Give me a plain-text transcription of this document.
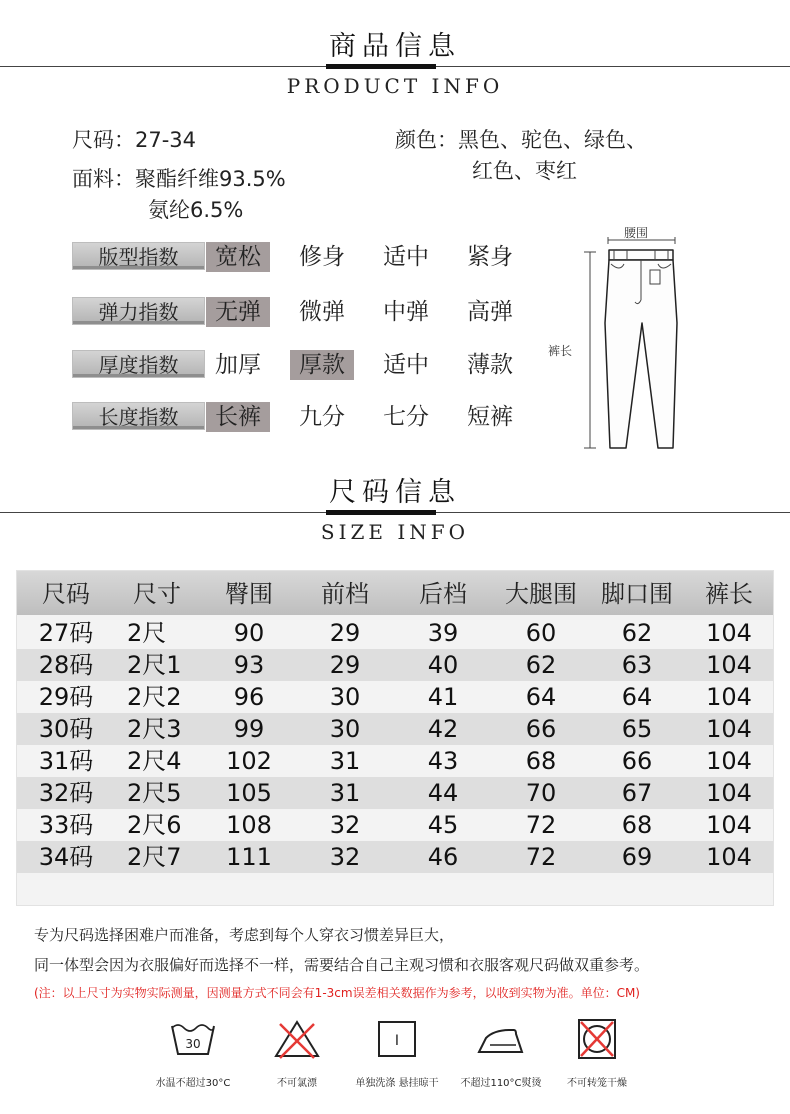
商品信息
PRODUCT INFO
尺码：27-34
面料：聚酯纤维93.5%
氨纶6.5%
颜色：黑色、驼色、绿色、
红色、枣红
版型指数	宽松	修身	适中	紧身
弹力指数	无弹	微弹	中弹	高弹
厚度指数	加厚	厚款	适中	薄款
长度指数	长裤	九分	七分	短裤
腰围
裤长
尺码信息
SIZE INFO
尺码	尺寸	臀围	前档	后档	大腿围	脚口围	裤长
27码	2尺	90	29	39	60	62	104
28码	2尺1	93	29	40	62	63	104
29码	2尺2	96	30	41	64	64	104
30码	2尺3	99	30	42	66	65	104
31码	2尺4	102	31	43	68	66	104
32码	2尺5	105	31	44	70	67	104
33码	2尺6	108	32	45	72	68	104
34码	2尺7	111	32	46	72	69	104
专为尺码选择困难户而准备，考虑到每个人穿衣习惯差异巨大，
同一体型会因为衣服偏好而选择不一样，需要结合自己主观习惯和衣服客观尺码做双重参考。
(注：以上尺寸为实物实际测量，因测量方式不同会有1-3cm误差相关数据作为参考，以收到实物为准。单位：CM)
30	I
水温不超过30°C	不可氯漂	单独洗涤 悬挂晾干	不超过110°C熨烫	不可转笼干燥
